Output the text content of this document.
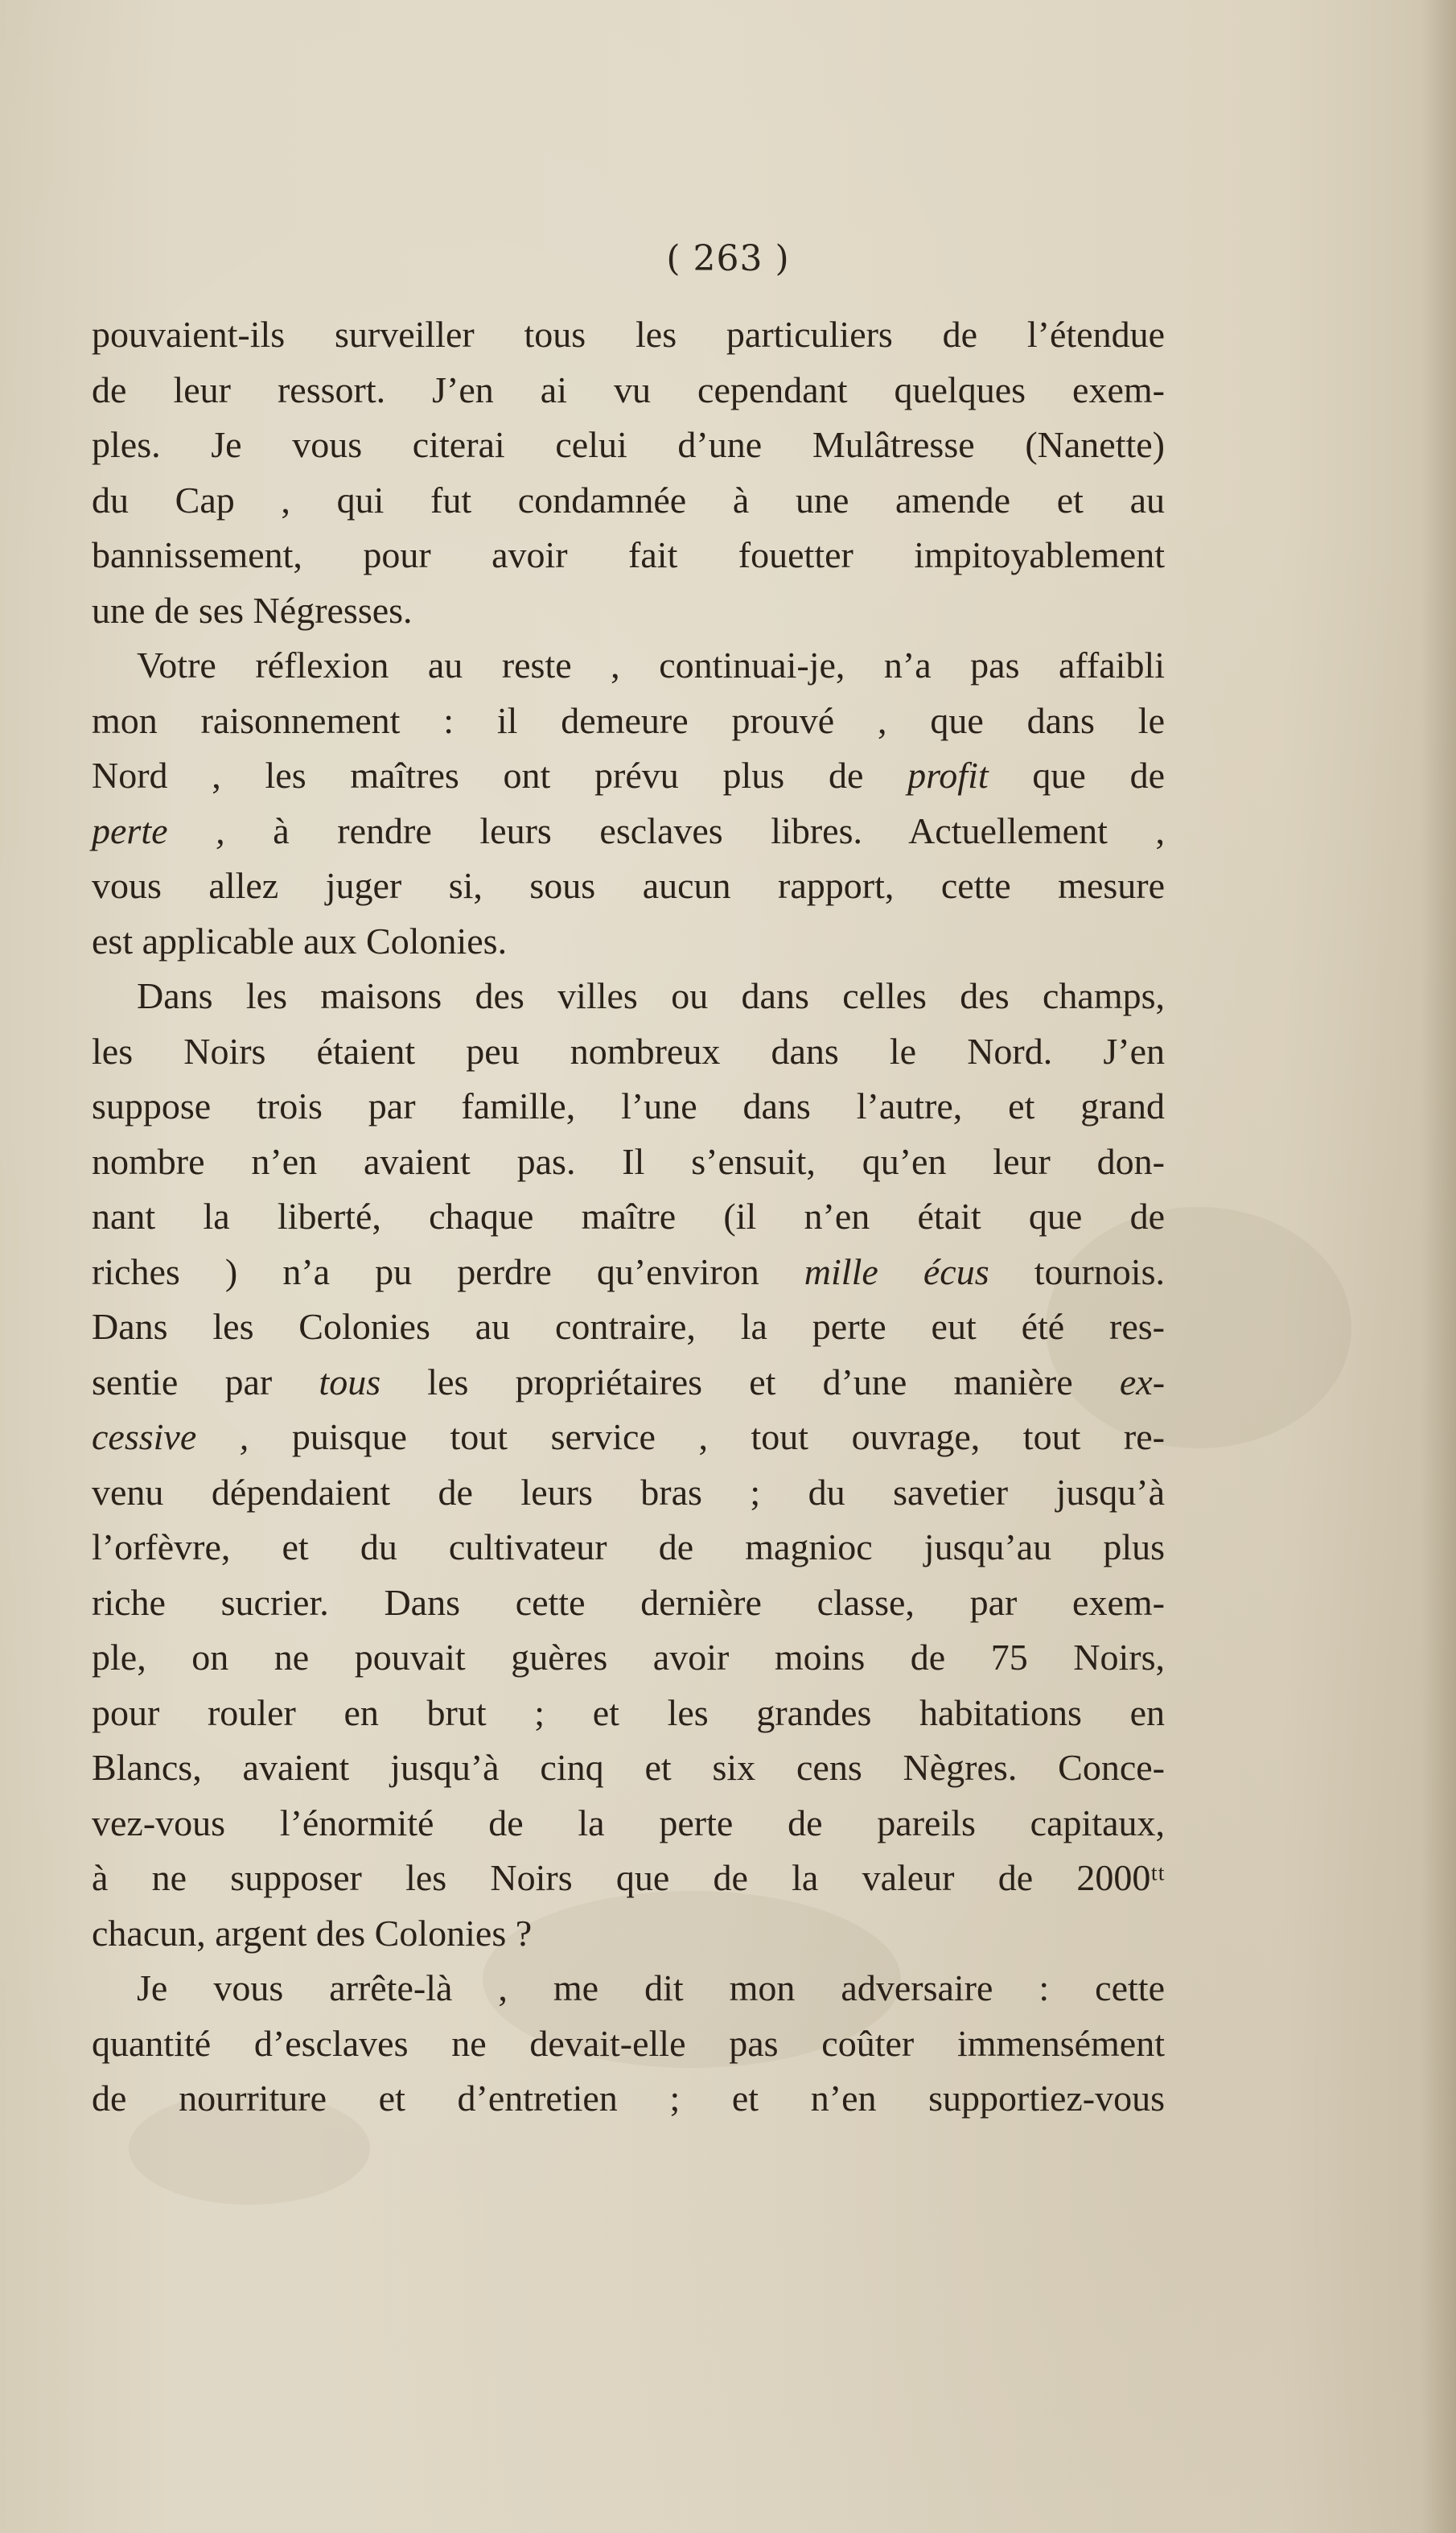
( 263 )
pouvaient-ils surveiller tous les particuliers de l’étendue
de leur ressort. J’en ai vu cependant quelques exem-
ples. Je vous citerai celui d’une Mulâtresse (Nanette)
du Cap , qui fut condamnée à une amende et au
bannissement, pour avoir fait fouetter impitoyablement
une de ses Négresses.
Votre réflexion au reste , continuai-je, n’a pas affaibli
mon raisonnement : il demeure prouvé , que dans le
Nord , les maîtres ont prévu plus de profit que de
perte , à rendre leurs esclaves libres. Actuellement ,
vous allez juger si, sous aucun rapport, cette mesure
est applicable aux Colonies.
Dans les maisons des villes ou dans celles des champs,
les Noirs étaient peu nombreux dans le Nord. J’en
suppose trois par famille, l’une dans l’autre, et grand
nombre n’en avaient pas. Il s’ensuit, qu’en leur don-
nant la liberté, chaque maître (il n’en était que de
riches ) n’a pu perdre qu’environ mille écus tournois.
Dans les Colonies au contraire, la perte eut été res-
sentie par tous les propriétaires et d’une manière ex-
cessive , puisque tout service , tout ouvrage, tout re-
venu dépendaient de leurs bras ; du savetier jusqu’à
l’orfèvre, et du cultivateur de magnioc jusqu’au plus
riche sucrier. Dans cette dernière classe, par exem-
ple, on ne pouvait guères avoir moins de 75 Noirs,
pour rouler en brut ; et les grandes habitations en
Blancs, avaient jusqu’à cinq et six cens Nègres. Conce-
vez-vous l’énormité de la perte de pareils capitaux,
à ne supposer les Noirs que de la valeur de 2000ᵗᵗ
chacun, argent des Colonies ?
Je vous arrête-là , me dit mon adversaire : cette
quantité d’esclaves ne devait-elle pas coûter immensément
de nourriture et d’entretien ; et n’en supportiez-vous
